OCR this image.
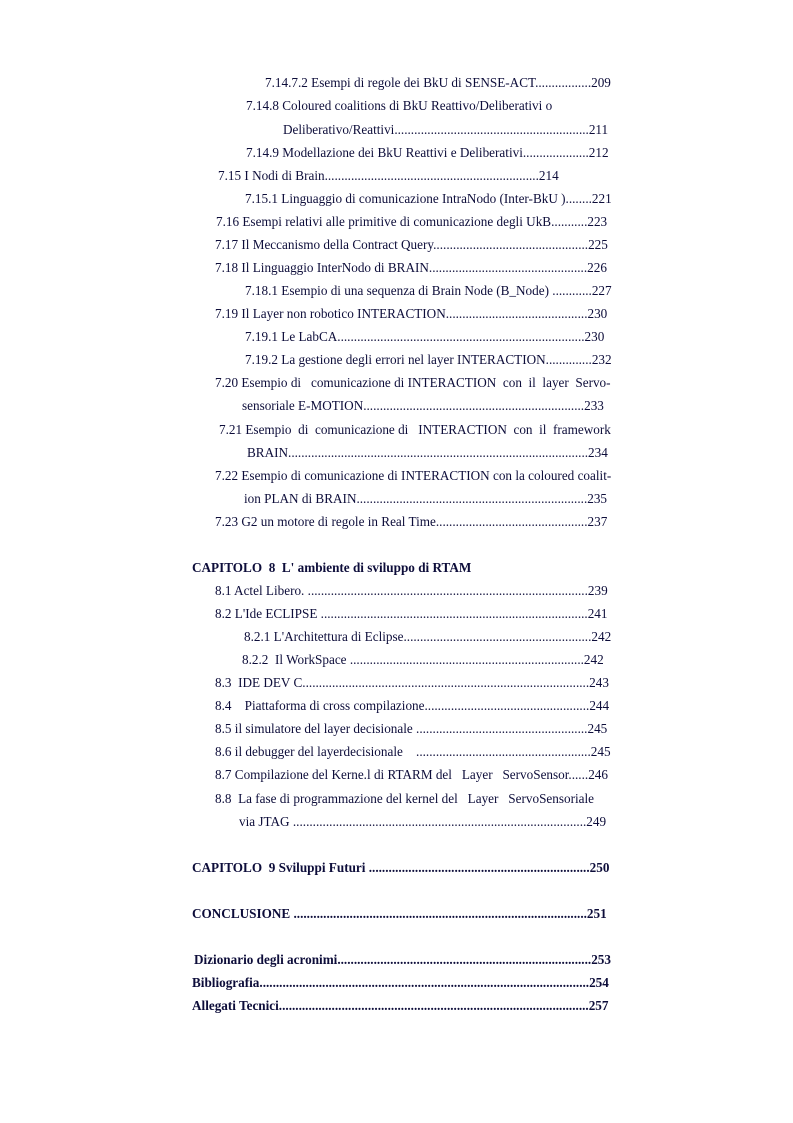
7.14.7.2 Esempi di regole dei BkU di SENSE-ACT.................209
7.14.8 Coloured coalitions di BkU Reattivo/Deliberativi o
Deliberativo/Reattivi...........................................................211
7.14.9 Modellazione dei BkU Reattivi e Deliberativi....................212
7.15 I Nodi di Brain.................................................................214
7.15.1 Linguaggio di comunicazione IntraNodo (Inter-BkU )........221
7.16 Esempi relativi alle primitive di comunicazione degli UkB...........223
7.17 Il Meccanismo della Contract Query...............................................225
7.18 Il Linguaggio InterNodo di BRAIN................................................226
7.18.1 Esempio di una sequenza di Brain Node (B_Node) ............227
7.19 Il Layer non robotico INTERACTION...........................................230
7.19.1 Le LabCA...........................................................................230
7.19.2 La gestione degli errori nel layer INTERACTION..............232
7.20 Esempio di   comunicazione di INTERACTION  con  il  layer  Servo-
sensoriale E-MOTION...................................................................233
7.21 Esempio  di  comunicazione di   INTERACTION  con  il  framework
BRAIN...........................................................................................234
7.22 Esempio di comunicazione di INTERACTION con la coloured coalit-
ion PLAN di BRAIN......................................................................235
7.23 G2 un motore di regole in Real Time..............................................237
CAPITOLO  8  L' ambiente di sviluppo di RTAM
8.1 Actel Libero. .....................................................................................239
8.2 L'Ide ECLIPSE .................................................................................241
8.2.1 L'Architettura di Eclipse.........................................................242
8.2.2  Il WorkSpace .......................................................................242
8.3  IDE DEV C.......................................................................................243
8.4    Piattaforma di cross compilazione..................................................244
8.5 il simulatore del layer decisionale ....................................................245
8.6 il debugger del layerdecisionale    .....................................................245
8.7 Compilazione del Kerne.l di RTARM del   Layer   ServoSensor......246
8.8  La fase di programmazione del kernel del   Layer   ServoSensoriale
via JTAG .........................................................................................249
CAPITOLO  9 Sviluppi Futuri ...................................................................250
CONCLUSIONE .........................................................................................251
Dizionario degli acronimi.............................................................................253
Bibliografia....................................................................................................254
Allegati Tecnici..............................................................................................257
